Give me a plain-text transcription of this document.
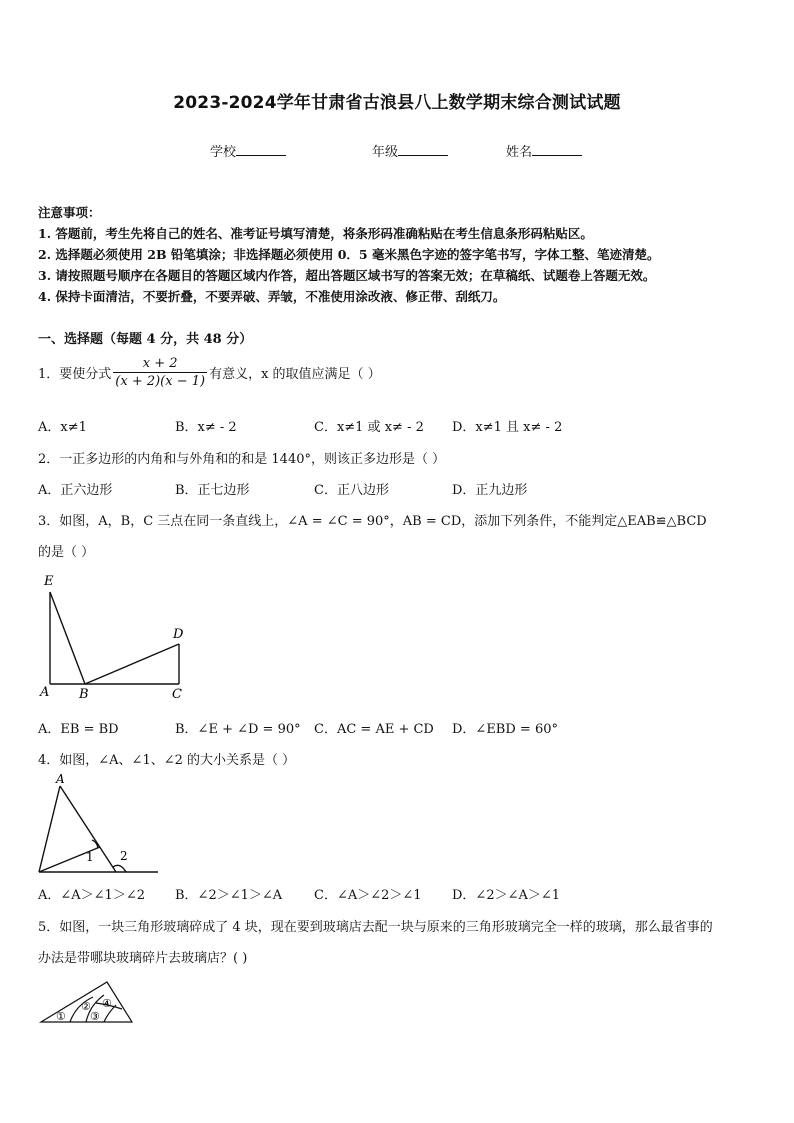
2023-2024学年甘肃省古浪县八上数学期末综合测试试题
学校	年级	姓名
注意事项：
1. 答题前，考生先将自己的姓名、准考证号填写清楚，将条形码准确粘贴在考生信息条形码粘贴区。
2. 选择题必须使用 2B 铅笔填涂；非选择题必须使用 0．5 毫米黑色字迹的签字笔书写，字体工整、笔迹清楚。
3. 请按照题号顺序在各题目的答题区域内作答，超出答题区域书写的答案无效；在草稿纸、试题卷上答题无效。
4. 保持卡面清洁，不要折叠，不要弄破、弄皱，不准使用涂改液、修正带、刮纸刀。
一、选择题（每题 4 分，共 48 分）
1．要使分式 $\frac{x + 2}{(x + 2)(x - 1)}$ 有意义，x 的取值应满足（ ）
A．x≠1	B．x≠ - 2	C．x≠1 或 x≠ - 2 D．x≠1 且 x≠ - 2
2．一正多边形的内角和与外角和的和是 1440°，则该正多边形是（ ）
A．正六边形	B．正七边形	C．正八边形	D．正九边形
3．如图，A，B，C 三点在同一条直线上，∠A = ∠C = 90°，AB = CD，添加下列条件，不能判定△EAB≌△BCD
的是（ ）
E
D
A B	C
A．EB = BD	B．∠E + ∠D = 90° C．AC = AE + CD D．∠EBD = 60°
4．如图，∠A、∠1、∠2 的大小关系是（ ）
A
1 2
A．∠A＞∠1＞∠2 B．∠2＞∠1＞∠A C．∠A＞∠2＞∠1 D．∠2＞∠A＞∠1
5．如图，一块三角形玻璃碎成了 4 块，现在要到玻璃店去配一块与原来的三角形玻璃完全一样的玻璃，那么最省事的
办法是带哪块玻璃碎片去玻璃店？( )
①
②
③
④
